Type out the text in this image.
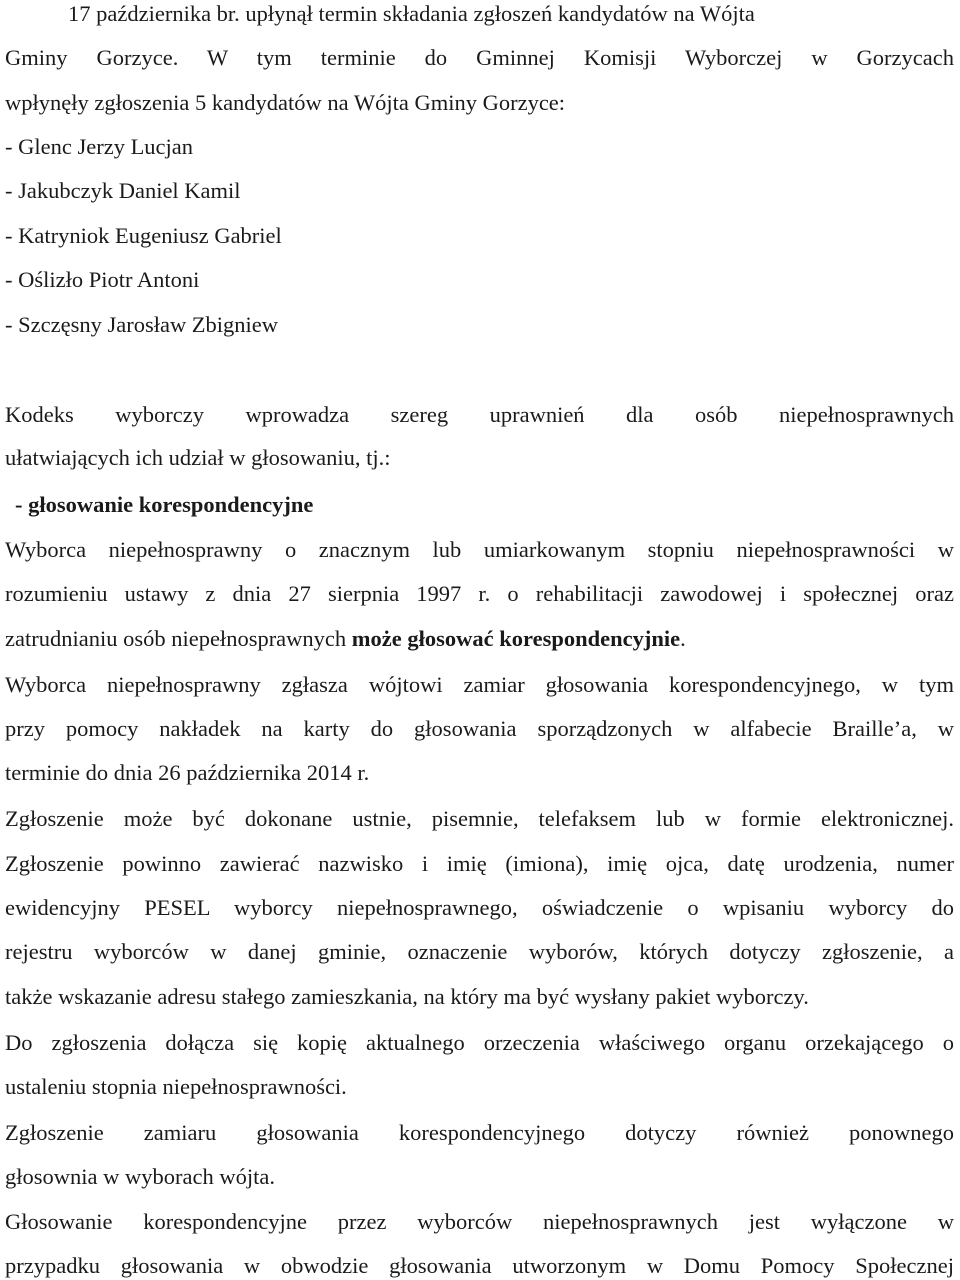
17 października br. upłynął termin składania zgłoszeń kandydatów na Wójta
Gminy Gorzyce. W tym terminie do Gminnej Komisji Wyborczej w Gorzycach
wpłynęły zgłoszenia 5 kandydatów na Wójta Gminy Gorzyce:
- Glenc Jerzy Lucjan
- Jakubczyk Daniel Kamil
- Katryniok Eugeniusz Gabriel
- Oślizło Piotr Antoni
- Szczęsny Jarosław Zbigniew
Kodeks wyborczy wprowadza szereg uprawnień dla osób niepełnosprawnych
ułatwiających ich udział w głosowaniu, tj.:
- głosowanie korespondencyjne
Wyborca niepełnosprawny o znacznym lub umiarkowanym stopniu niepełnosprawności w
rozumieniu ustawy z dnia 27 sierpnia 1997 r. o rehabilitacji zawodowej i społecznej oraz
zatrudnianiu osób niepełnosprawnych może głosować korespondencyjnie.
Wyborca niepełnosprawny zgłasza wójtowi zamiar głosowania korespondencyjnego, w tym
przy pomocy nakładek na karty do głosowania sporządzonych w alfabecie Braille’a, w
terminie do dnia 26 października 2014 r.
Zgłoszenie może być dokonane ustnie, pisemnie, telefaksem lub w formie elektronicznej.
Zgłoszenie powinno zawierać nazwisko i imię (imiona), imię ojca, datę urodzenia, numer
ewidencyjny PESEL wyborcy niepełnosprawnego, oświadczenie o wpisaniu wyborcy do
rejestru wyborców w danej gminie, oznaczenie wyborów, których dotyczy zgłoszenie, a
także wskazanie adresu stałego zamieszkania, na który ma być wysłany pakiet wyborczy.
Do zgłoszenia dołącza się kopię aktualnego orzeczenia właściwego organu orzekającego o
ustaleniu stopnia niepełnosprawności.
Zgłoszenie zamiaru głosowania korespondencyjnego dotyczy również ponownego
głosownia w wyborach wójta.
Głosowanie korespondencyjne przez wyborców niepełnosprawnych jest wyłączone w
przypadku głosowania w obwodzie głosowania utworzonym w Domu Pomocy Społecznej
